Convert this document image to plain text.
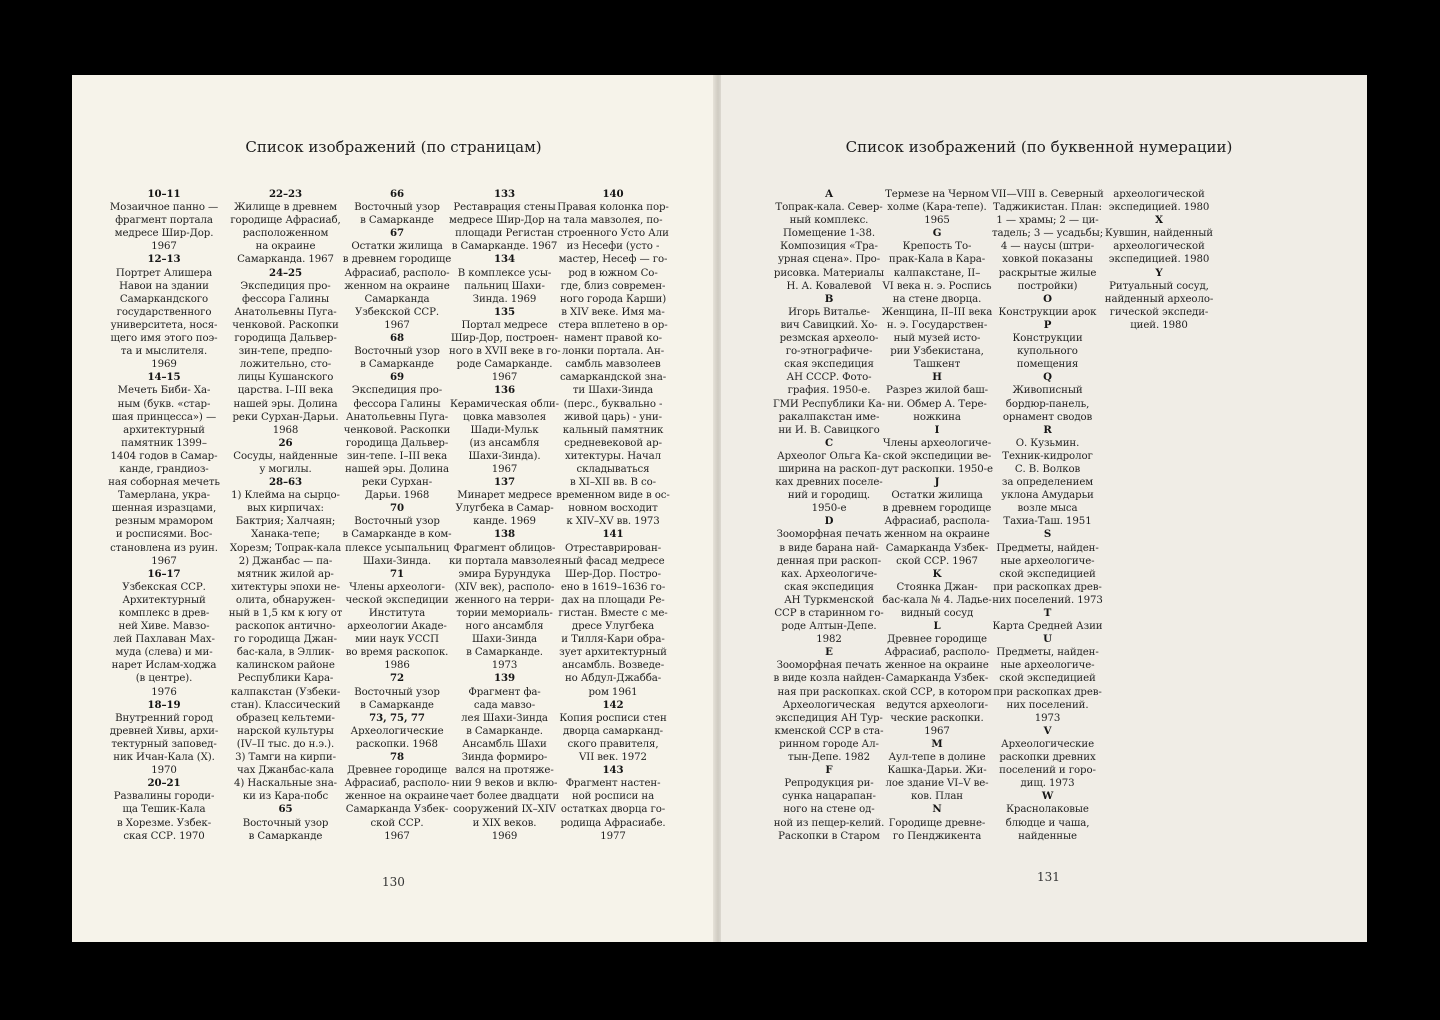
Список изображений (по страницам)
10–11
Мозаичное панно —
фрагмент портала
медресе Шир-Дор.
1967
12–13
Портрет Алишера
Навои на здании
Самаркандского
государственного
университета, нося-
щего имя этого поэ-
та и мыслителя.
1969
14–15
Мечеть Биби- Ха-
ным (букв. «стар-
шая принцесса») —
архитектурный
памятник 1399–
1404 годов в Самар-
канде, грандиоз-
ная соборная мечеть
Тамерлана, укра-
шенная изразцами,
резным мрамором
и росписями. Вос-
становлена из руин.
1967
16–17
Узбекская ССР.
Архитектурный
комплекс в древ-
ней Хиве. Мавзо-
лей Пахлаван Мах-
муда (слева) и ми-
нарет Ислам-ходжа
(в центре).
1976
18–19
Внутренний город
древней Хивы, архи-
тектурный заповед-
ник Ичан-Кала (Х).
1970
20–21
Развалины городи-
ща Тешик-Кала
в Хорезме. Узбек-
ская ССР. 1970
22–23
Жилище в древнем
городище Афрасиаб,
расположенном
на окраине
Самарканда. 1967
24–25
Экспедиция про-
фессора Галины
Анатольевны Пуга-
ченковой. Раскопки
городища Дальвер-
зин-тепе, предпо-
ложительно, сто-
лицы Кушанского
царства. I–III века
нашей эры. Долина
реки Сурхан-Дарьи.
1968
26
Сосуды, найденные
у могилы.
28–63
1) Клейма на сырцо-
вых кирпичах:
Бактрия; Халчаян;
Ханака-тепе;
Хорезм; Топрак-кала
2) Джанбас — па-
мятник жилой ар-
хитектуры эпохи не-
олита, обнаружен-
ный в 1,5 км к югу от
раскопок антично-
го городища Джан-
бас-кала, в Эллик-
калинском районе
Республики Кара-
калпакстан (Узбеки-
стан). Классический
образец кельтеми-
нарской культуры
(IV–II тыс. до н.э.).
3) Тамги на кирпи-
чах Джанбас-кала
4) Наскальные зна-
ки из Кара-побс
65
Восточный узор
в Самарканде
66
Восточный узор
в Самарканде
67
Остатки жилища
в древнем городище
Афрасиаб, располо-
женном на окраине
Самарканда
Узбекской ССР.
1967
68
Восточный узор
в Самарканде
69
Экспедиция про-
фессора Галины
Анатольевны Пуга-
ченковой. Раскопки
городища Дальвер-
зин-тепе. I–III века
нашей эры. Долина
реки Сурхан-
Дарьи. 1968
70
Восточный узор
в Самарканде в ком-
плексе усыпальниц
Шахи-Зинда.
71
Члены археологи-
ческой экспедиции
Института
археологии Акаде-
мии наук УССП
во время раскопок.
1986
72
Восточный узор
в Самарканде
73, 75, 77
Археологические
раскопки. 1968
78
Древнее городище
Афрасиаб, располо-
женное на окраине
Самарканда Узбек-
ской ССР.
1967
133
Реставрация стены
медресе Шир-Дор на
площади Регистан
в Самарканде. 1967
134
В комплексе усы-
пальниц Шахи-
Зинда. 1969
135
Портал медресе
Шир-Дор, построен-
ного в XVII веке в го-
роде Самарканде.
1967
136
Керамическая обли-
цовка мавзолея
Шади-Мульк
(из ансамбля
Шахи-Зинда).
1967
137
Минарет медресе
Улугбека в Самар-
канде. 1969
138
Фрагмент облицов-
ки портала мавзолея
эмира Бурундука
(XIV век), располо-
женного на терри-
тории мемориаль-
ного ансамбля
Шахи-Зинда
в Самарканде.
1973
139
Фрагмент фа-
сада мавзо-
лея Шахи-Зинда
в Самарканде.
Ансамбль Шахи
Зинда формиро-
вался на протяже-
нии 9 веков и вклю-
чает более двадцати
сооружений IX–XIV
и XIX веков.
1969
140
Правая колонка пор-
тала мавзолея, по-
строенного Усто Али
из Несефи (усто -
мастер, Несеф — го-
род в южном Со-
где, близ современ-
ного города Карши)
в XIV веке. Имя ма-
стера вплетено в ор-
намент правой ко-
лонки портала. Ан-
самбль мавзолеев
самаркандской зна-
ти Шахи-Зинда
(перс., буквально -
живой царь) - уни-
кальный памятник
средневековой ар-
хитектуры. Начал
складываться
в XI–XII вв. В со-
временном виде в ос-
новном восходит
к XIV–XV вв. 1973
141
Отреставрирован-
ный фасад медресе
Шер-Дор. Постро-
ено в 1619–1636 го-
дах на площади Ре-
гистан. Вместе с ме-
дресе Улугбека
и Тилля-Кари обра-
зует архитектурный
ансамбль. Возведе-
но Абдул-Джабба-
ром 1961
142
Копия росписи стен
дворца самарканд-
ского правителя,
VII век. 1972
143
Фрагмент настен-
ной росписи на
остатках дворца го-
родища Афрасиабе.
1977
130
Список изображений (по буквенной нумерации)
A
Топрак-кала. Север-
ный комплекс.
Помещение 1-38.
Композиция «Тра-
урная сцена». Про-
рисовка. Материалы
Н. А. Ковалевой
B
Игорь Виталье-
вич Савицкий. Хо-
резмская археоло-
го-этнографиче-
ская экспедиция
АН СССР. Фото-
графия. 1950-е.
ГМИ Республики Ка-
ракалпакстан име-
ни И. В. Савицкого
C
Археолог Ольга Ка-
ширина на раскоп-
ках древних поселе-
ний и городищ.
1950-е
D
Зооморфная печать
в виде барана най-
денная при раскоп-
ках. Археологиче-
ская экспедиция
АН Туркменской
ССР в старинном го-
роде Алтын-Депе.
1982
E
Зооморфная печать
в виде козла найден-
ная при раскопках.
Археологическая
экспедиция АН Тур-
кменской ССР в ста-
ринном городе Ал-
тын-Депе. 1982
F
Репродукция ри-
сунка нацарапан-
ного на стене од-
ной из пещер-келий.
Раскопки в Старом
Термезе на Черном
холме (Кара-тепе).
1965
G
Крепость То-
прак-Кала в Кара-
калпакстане, II–
VI века н. э. Роспись
на стене дворца.
Женщина, II–III века
н. э. Государствен-
ный музей исто-
рии Узбекистана,
Ташкент
H
Разрез жилой баш-
ни. Обмер А. Тере-
ножкина
I
Члены археологиче-
ской экспедиции ве-
дут раскопки. 1950-е
J
Остатки жилища
в древнем городище
Афрасиаб, распола-
женном на окраине
Самарканда Узбек-
ской ССР. 1967
K
Стоянка Джан-
бас-кала № 4. Ладье-
видный сосуд
L
Древнее городище
Афрасиаб, располо-
женное на окраине
Самарканда Узбек-
ской ССР, в котором
ведутся археологи-
ческие раскопки.
1967
M
Аул-тепе в долине
Кашка-Дарьи. Жи-
лое здание VI–V ве-
ков. План
N
Городище древне-
го Пенджикента
VII—VIII в. Северный
Таджикистан. План:
1 — храмы; 2 — ци-
тадель; 3 — усадьбы;
4 — наусы (штри-
ховкой показаны
раскрытые жилые
постройки)
O
Конструкции арок
P
Конструкции
купольного
помещения
Q
Живописный
бордюр-панель,
орнамент сводов
R
О. Кузьмин.
Техник-кидролог
С. В. Волков
за определением
уклона Амударьи
возле мыса
Тахиа-Таш. 1951
S
Предметы, найден-
ные археологиче-
ской экспедицией
при раскопках древ-
них поселений. 1973
T
Карта Средней Азии
U
Предметы, найден-
ные археологиче-
ской экспедицией
при раскопках древ-
них поселений.
1973
V
Археологические
раскопки древних
поселений и горо-
дищ. 1973
W
Краснолаковые
блюдце и чаша,
найденные
археологической
экспедицией. 1980
X
Кувшин, найденный
археологической
экспедицией. 1980
Y
Ритуальный сосуд,
найденный археоло-
гической экспеди-
цией. 1980
131
